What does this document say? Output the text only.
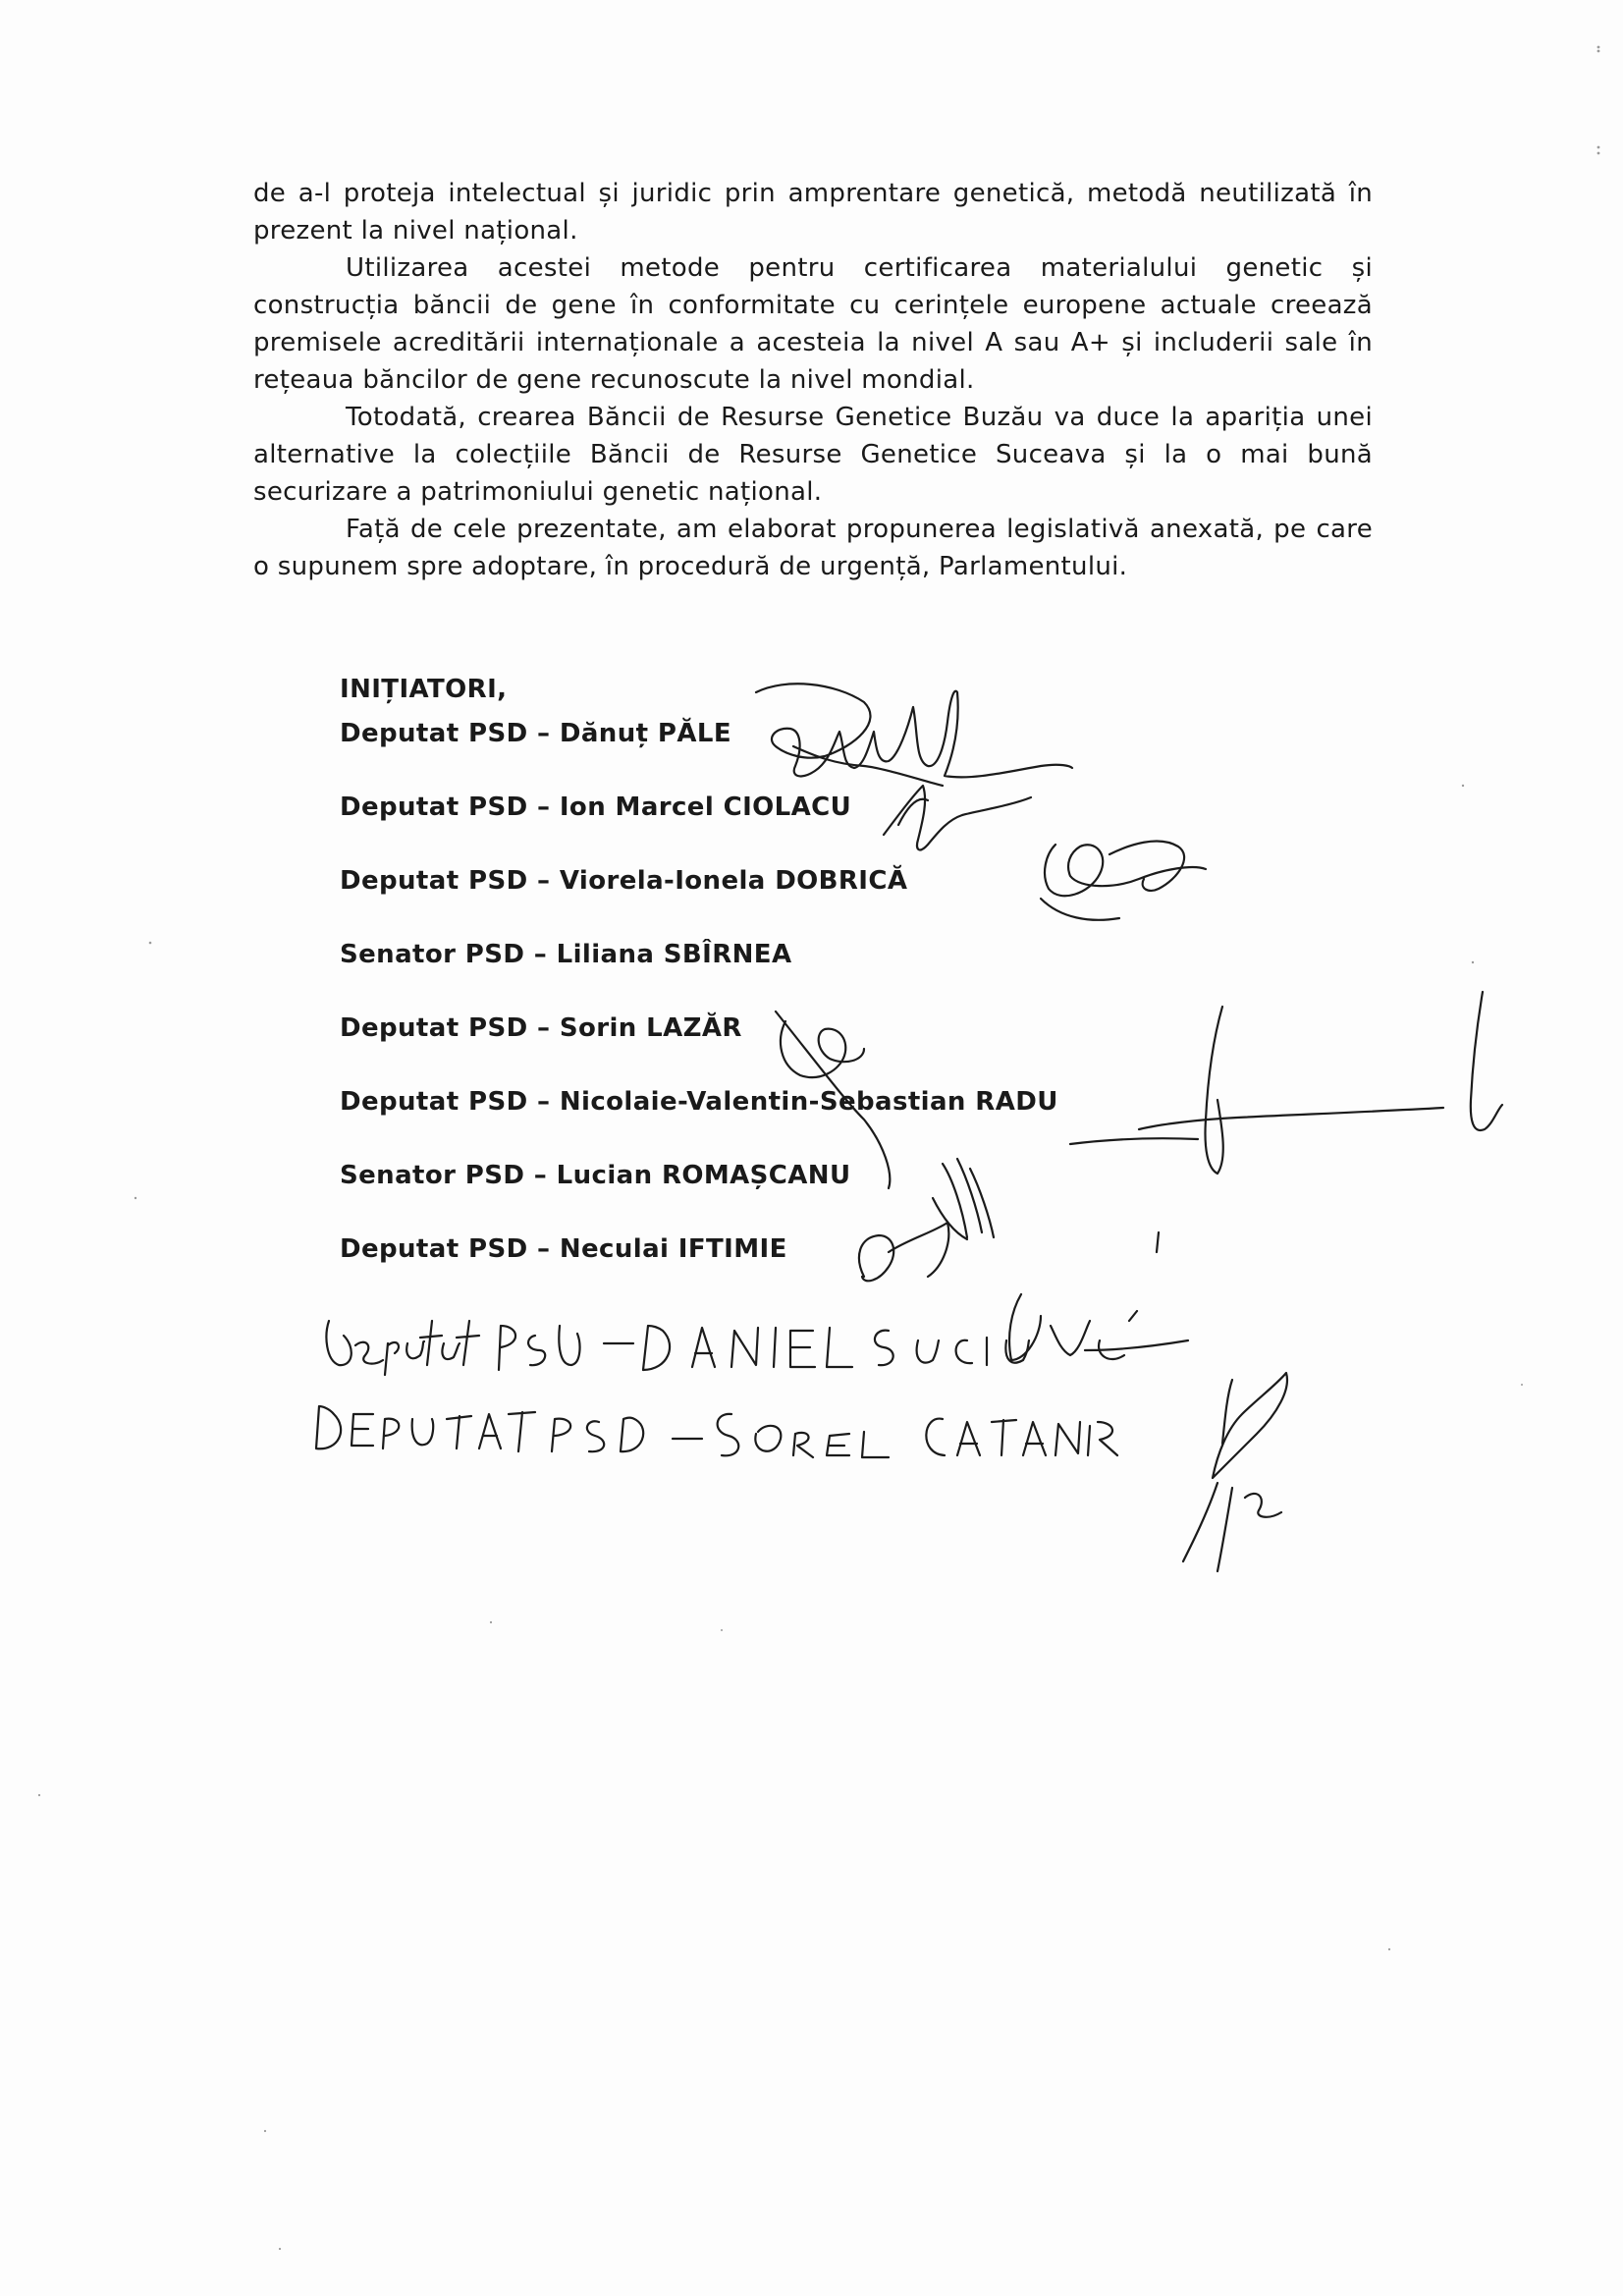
de a-l proteja intelectual și juridic prin amprentare genetică, metodă neutilizată în prezent la nivel național.

Utilizarea acestei metode pentru certificarea materialului genetic și construcția băncii de gene în conformitate cu cerințele europene actuale creează premisele acreditării internaționale a acesteia la nivel A sau A+ și includerii sale în rețeaua băncilor de gene recunoscute la nivel mondial.

Totodată, crearea Băncii de Resurse Genetice Buzău va duce la apariția unei alternative la colecțiile Băncii de Resurse Genetice Suceava și la o mai bună securizare a patrimoniului genetic național.

Față de cele prezentate, am elaborat propunerea legislativă anexată, pe care o supunem spre adoptare, în procedură de urgență, Parlamentului.

INIȚIATORI,
Deputat PSD – Dănuț PĂLE
Deputat PSD – Ion Marcel CIOLACU
Deputat PSD – Viorela-Ionela DOBRICĂ
Senator PSD – Liliana SBÎRNEA
Deputat PSD – Sorin LAZĂR
Deputat PSD – Nicolaie-Valentin-Sebastian RADU
Senator PSD – Lucian ROMAȘCANU
Deputat PSD – Neculai IFTIMIE
